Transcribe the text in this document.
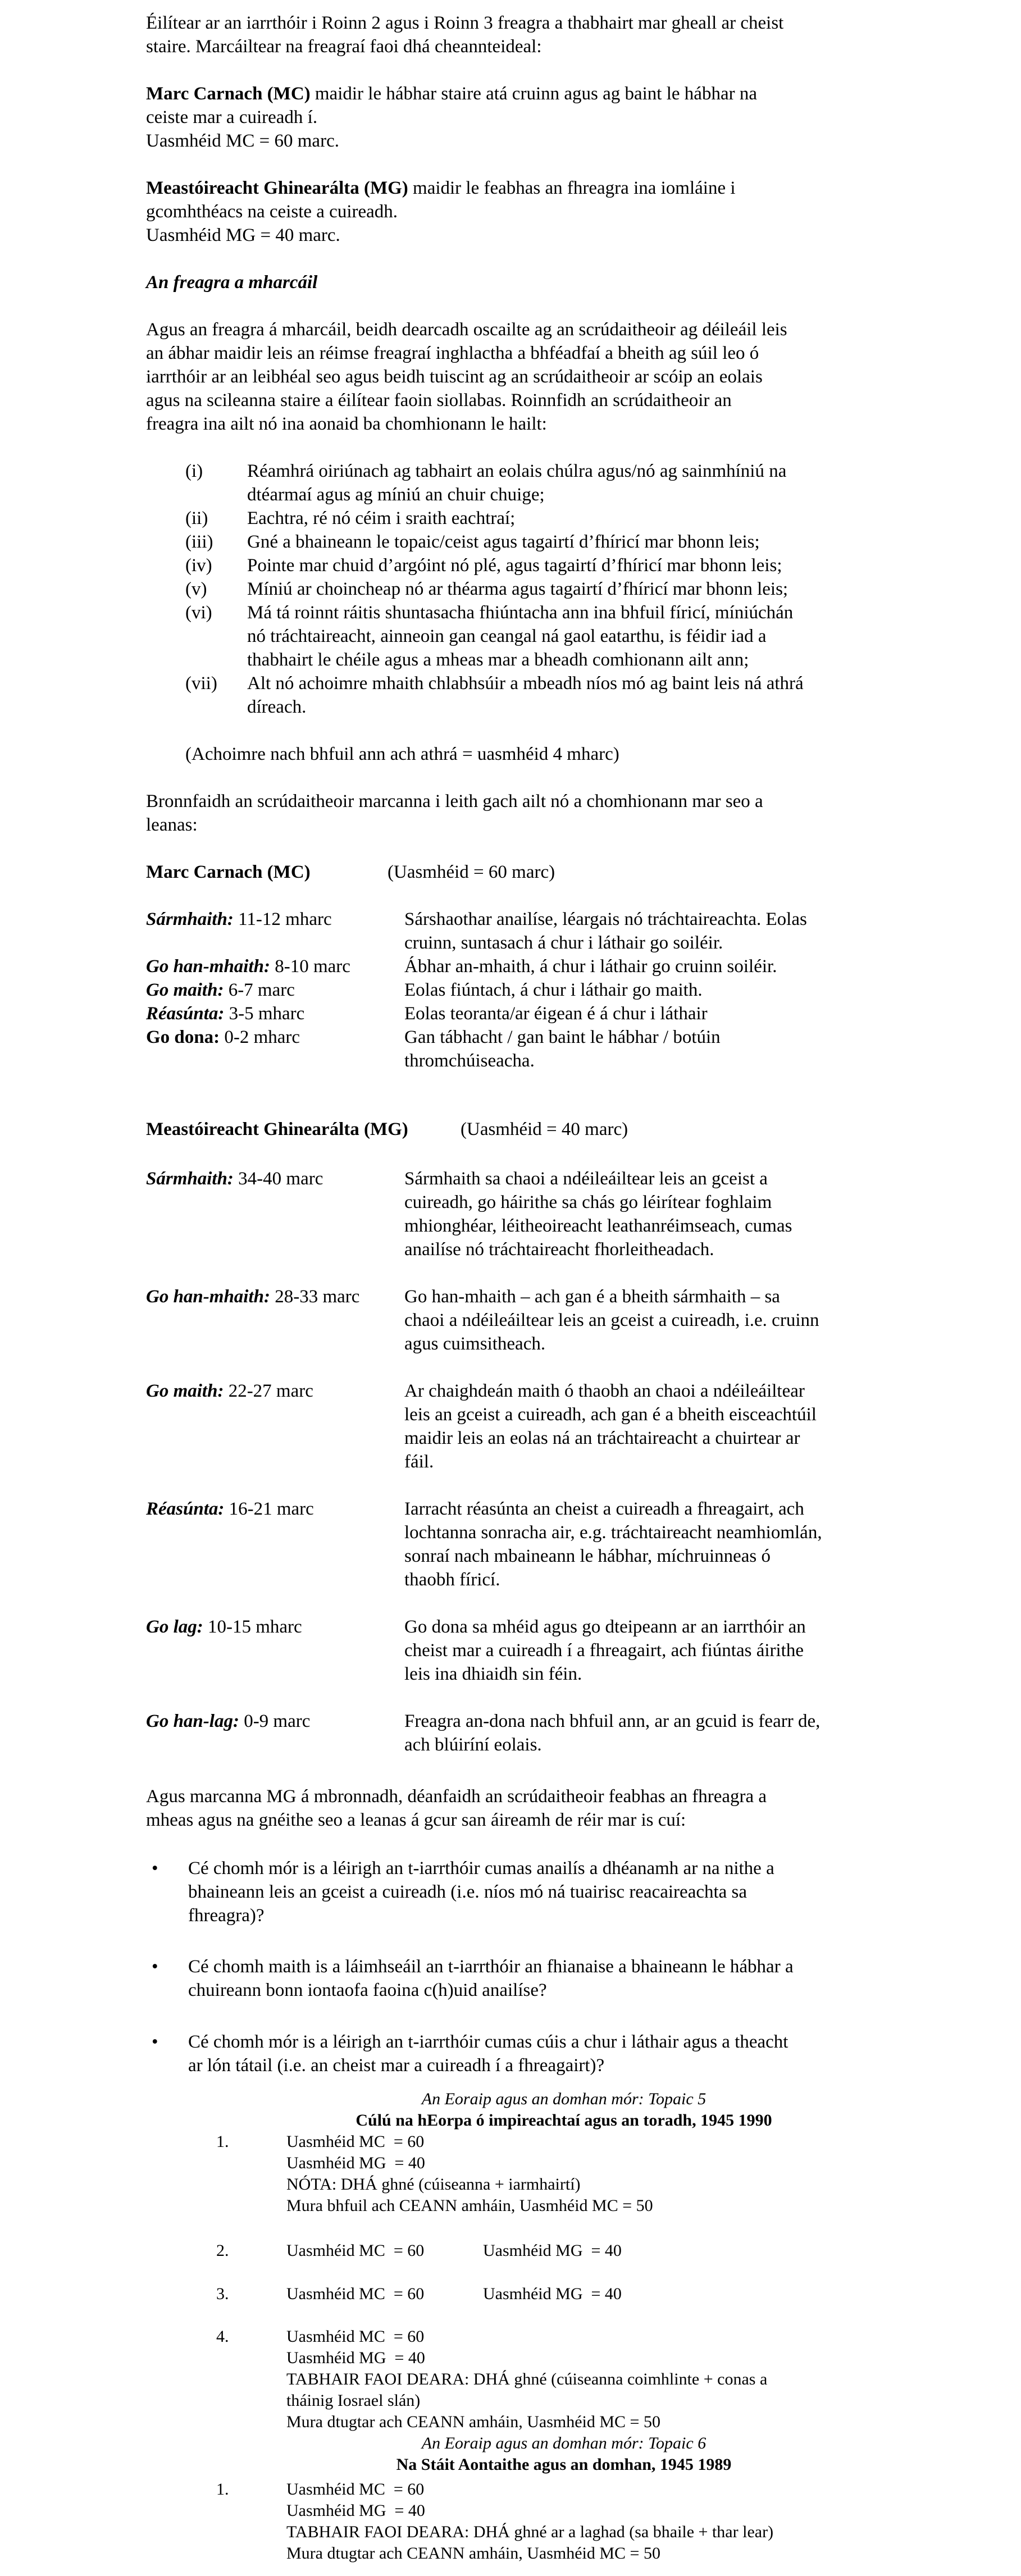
Éilítear ar an iarrthóir i Roinn 2 agus i Roinn 3 freagra a thabhairt mar gheall ar cheist
staire. Marcáiltear na freagraí faoi dhá cheannteideal:
Marc Carnach (MC) maidir le hábhar staire atá cruinn agus ag baint le hábhar na
ceiste mar a cuireadh í.
Uasmhéid MC = 60 marc.
Meastóireacht Ghinearálta (MG) maidir le feabhas an fhreagra ina iomláine i
gcomhthéacs na ceiste a cuireadh.
Uasmhéid MG = 40 marc.
An freagra a mharcáil
Agus an freagra á mharcáil, beidh dearcadh oscailte ag an scrúdaitheoir ag déileáil leis
an ábhar maidir leis an réimse freagraí inghlactha a bhféadfaí a bheith ag súil leo ó
iarrthóir ar an leibhéal seo agus beidh tuiscint ag an scrúdaitheoir ar scóip an eolais
agus na scileanna staire a éilítear faoin siollabas. Roinnfidh an scrúdaitheoir an
freagra ina ailt nó ina aonaid ba chomhionann le hailt:
(i)	Réamhrá oiriúnach ag tabhairt an eolais chúlra agus/nó ag sainmhíniú na
dtéarmaí agus ag míniú an chuir chuige;
(ii)	Eachtra, ré nó céim i sraith eachtraí;
(iii)	Gné a bhaineann le topaic/ceist agus tagairtí d’fhíricí mar bhonn leis;
(iv)	Pointe mar chuid d’argóint nó plé, agus tagairtí d’fhíricí mar bhonn leis;
(v)	Míniú ar choincheap nó ar théarma agus tagairtí d’fhíricí mar bhonn leis;
(vi)	Má tá roinnt ráitis shuntasacha fhiúntacha ann ina bhfuil fíricí, míniúchán
nó tráchtaireacht, ainneoin gan ceangal ná gaol eatarthu, is féidir iad a
thabhairt le chéile agus a mheas mar a bheadh comhionann ailt ann;
(vii)	Alt nó achoimre mhaith chlabhsúir a mbeadh níos mó ag baint leis ná athrá
díreach.
(Achoimre nach bhfuil ann ach athrá = uasmhéid 4 mharc)
Bronnfaidh an scrúdaitheoir marcanna i leith gach ailt nó a chomhionann mar seo a
leanas:
Marc Carnach (MC)	(Uasmhéid = 60 marc)
Sármhaith: 11-12 mharc	Sárshaothar anailíse, léargais nó tráchtaireachta. Eolas
cruinn, suntasach á chur i láthair go soiléir.
Go han-mhaith: 8-10 marc	Ábhar an-mhaith, á chur i láthair go cruinn soiléir.
Go maith: 6-7 marc	Eolas fiúntach, á chur i láthair go maith.
Réasúnta: 3-5 mharc	Eolas teoranta/ar éigean é á chur i láthair
Go dona: 0-2 mharc	Gan tábhacht / gan baint le hábhar / botúin
thromchúiseacha.
Meastóireacht Ghinearálta (MG)	(Uasmhéid = 40 marc)
Sármhaith: 34-40 marc	Sármhaith sa chaoi a ndéileáiltear leis an gceist a
cuireadh, go háirithe sa chás go léirítear foghlaim
mhionghéar, léitheoireacht leathanréimseach, cumas
anailíse nó tráchtaireacht fhorleitheadach.
Go han-mhaith: 28-33 marc	Go han-mhaith – ach gan é a bheith sármhaith – sa
chaoi a ndéileáiltear leis an gceist a cuireadh, i.e. cruinn
agus cuimsitheach.
Go maith: 22-27 marc	Ar chaighdeán maith ó thaobh an chaoi a ndéileáiltear
leis an gceist a cuireadh, ach gan é a bheith eisceachtúil
maidir leis an eolas ná an tráchtaireacht a chuirtear ar
fáil.
Réasúnta: 16-21 marc	Iarracht réasúnta an cheist a cuireadh a fhreagairt, ach
lochtanna sonracha air, e.g. tráchtaireacht neamhiomlán,
sonraí nach mbaineann le hábhar, míchruinneas ó
thaobh fíricí.
Go lag: 10-15 mharc	Go dona sa mhéid agus go dteipeann ar an iarrthóir an
cheist mar a cuireadh í a fhreagairt, ach fiúntas áirithe
leis ina dhiaidh sin féin.
Go han-lag: 0-9 marc	Freagra an-dona nach bhfuil ann, ar an gcuid is fearr de,
ach blúiríní eolais.
Agus marcanna MG á mbronnadh, déanfaidh an scrúdaitheoir feabhas an fhreagra a
mheas agus na gnéithe seo a leanas á gcur san áireamh de réir mar is cuí:
•	Cé chomh mór is a léirigh an t-iarrthóir cumas anailís a dhéanamh ar na nithe a
bhaineann leis an gceist a cuireadh (i.e. níos mó ná tuairisc reacaireachta sa
fhreagra)?
•	Cé chomh maith is a láimhseáil an t-iarrthóir an fhianaise a bhaineann le hábhar a
chuireann bonn iontaofa faoina c(h)uid anailíse?
•	Cé chomh mór is a léirigh an t-iarrthóir cumas cúis a chur i láthair agus a theacht
ar lón tátail (i.e. an cheist mar a cuireadh í a fhreagairt)?
An Eoraip agus an domhan mór: Topaic 5
Cúlú na hEorpa ó impireachtaí agus an toradh, 1945 1990
1.	Uasmhéid MC  = 60
Uasmhéid MG  = 40
NÓTA: DHÁ ghné (cúiseanna + iarmhairtí)
Mura bhfuil ach CEANN amháin, Uasmhéid MC = 50
2.	Uasmhéid MC  = 60	Uasmhéid MG  = 40
3.	Uasmhéid MC  = 60	Uasmhéid MG  = 40
4.	Uasmhéid MC  = 60
Uasmhéid MG  = 40
TABHAIR FAOI DEARA: DHÁ ghné (cúiseanna coimhlinte + conas a
tháinig Iosrael slán)
Mura dtugtar ach CEANN amháin, Uasmhéid MC = 50
An Eoraip agus an domhan mór: Topaic 6
Na Stáit Aontaithe agus an domhan, 1945 1989
1.	Uasmhéid MC  = 60
Uasmhéid MG  = 40
TABHAIR FAOI DEARA: DHÁ ghné ar a laghad (sa bhaile + thar lear)
Mura dtugtar ach CEANN amháin, Uasmhéid MC = 50
